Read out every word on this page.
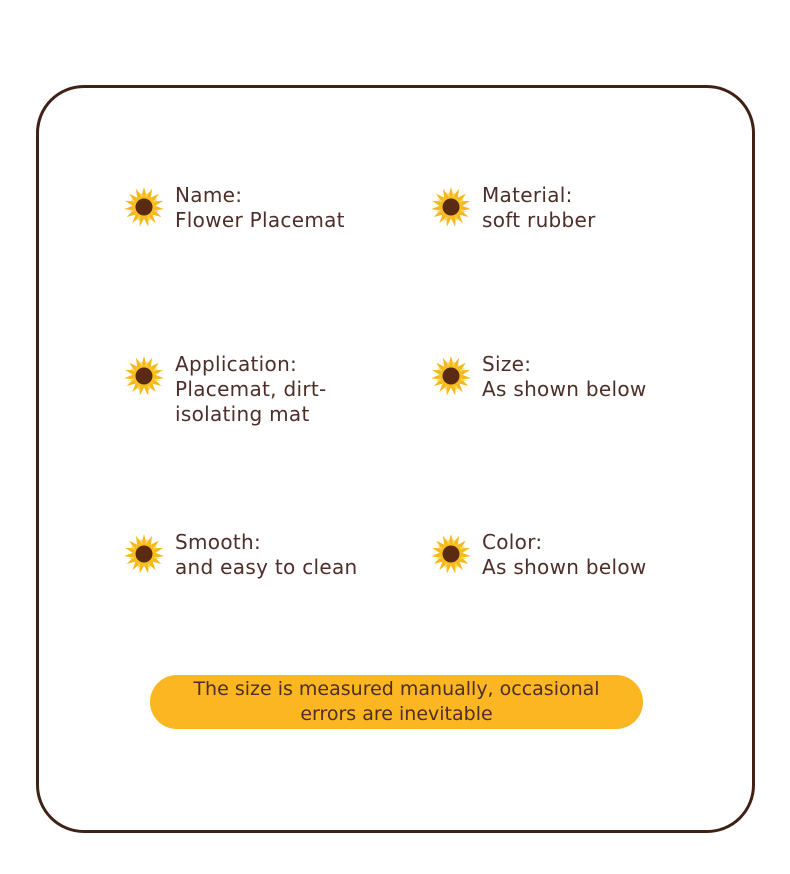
Name:
Flower Placemat
Material:
soft rubber
Application:
Placemat, dirt-isolating mat
Size:
As shown below
Smooth:
and easy to clean
Color:
As shown below
The size is measured manually, occasional errors are inevitable
